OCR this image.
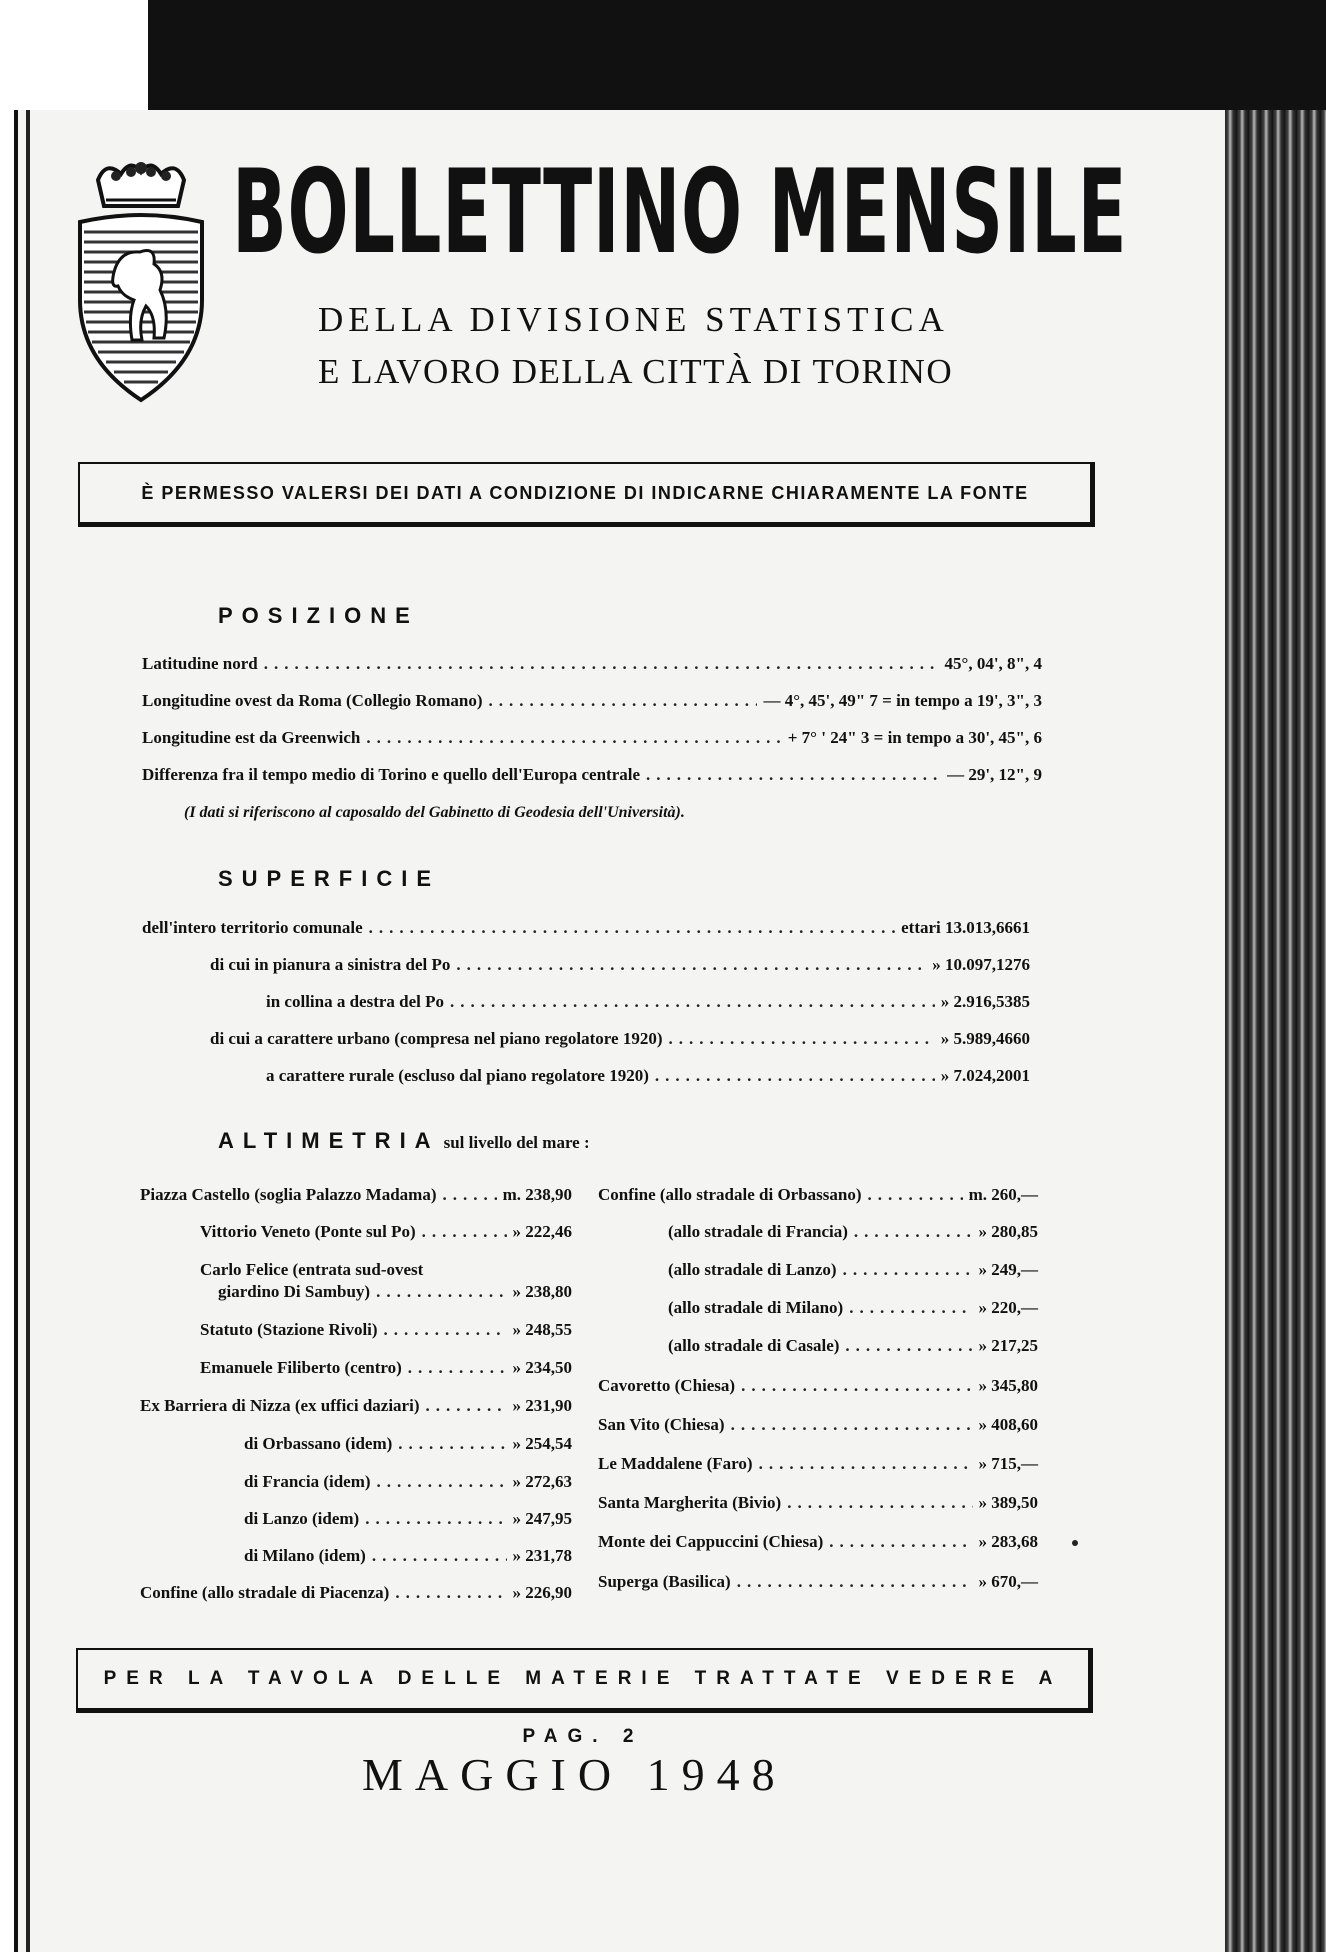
BOLLETTINO MENSILE
DELLA DIVISIONE STATISTICA
E LAVORO DELLA CITTÀ DI TORINO
È PERMESSO VALERSI DEI DATI A CONDIZIONE DI INDICARNE CHIARAMENTE LA FONTE
POSIZIONE
Latitudine nord .....	45°, 04', 8", 4
Longitudine ovest da Roma (Collegio Romano) .....	— 4°, 45', 49" 7 = in tempo a 19', 3", 3
Longitudine est da Greenwich .....	+ 7° ' 24" 3 = in tempo a 30', 45", 6
Differenza fra il tempo medio di Torino e quello dell'Europa centrale .....	— 29', 12", 9
(I dati si riferiscono al caposaldo del Gabinetto di Geodesia dell'Università).
SUPERFICIE
dell'intero territorio comunale .....	ettari 13.013,6661
di cui in pianura a sinistra del Po .....	» 10.097,1276
in collina a destra del Po .....	» 2.916,5385
di cui a carattere urbano (compresa nel piano regolatore 1920) .....	» 5.989,4660
a carattere rurale (escluso dal piano regolatore 1920) .....	» 7.024,2001
ALTIMETRIA sul livello del mare :
Piazza Castello (soglia Palazzo Madama) .....	m. 238,90
Vittorio Veneto (Ponte sul Po) .....	» 222,46
Carlo Felice (entrata sud-ovest
giardino Di Sambuy) .....	» 238,80
Statuto (Stazione Rivoli) .....	» 248,55
Emanuele Filiberto (centro) .....	» 234,50
Ex Barriera di Nizza (ex uffici daziari) .....	» 231,90
di Orbassano (idem) .....	» 254,54
di Francia (idem) .....	» 272,63
di Lanzo (idem) .....	» 247,95
di Milano (idem) .....	» 231,78
Confine (allo stradale di Piacenza) .....	» 226,90
Confine (allo stradale di Orbassano) .....	m. 260,—
(allo stradale di Francia) .....	» 280,85
(allo stradale di Lanzo) .....	» 249,—
(allo stradale di Milano) .....	» 220,—
(allo stradale di Casale) .....	» 217,25
Cavoretto (Chiesa) .....	» 345,80
San Vito (Chiesa) .....	» 408,60
Le Maddalene (Faro) .....	» 715,—
Santa Margherita (Bivio) .....	» 389,50
Monte dei Cappuccini (Chiesa) .....	» 283,68
Superga (Basilica) .....	» 670,—
PER LA TAVOLA DELLE MATERIE TRATTATE VEDERE A PAG. 2
MAGGIO 1948
